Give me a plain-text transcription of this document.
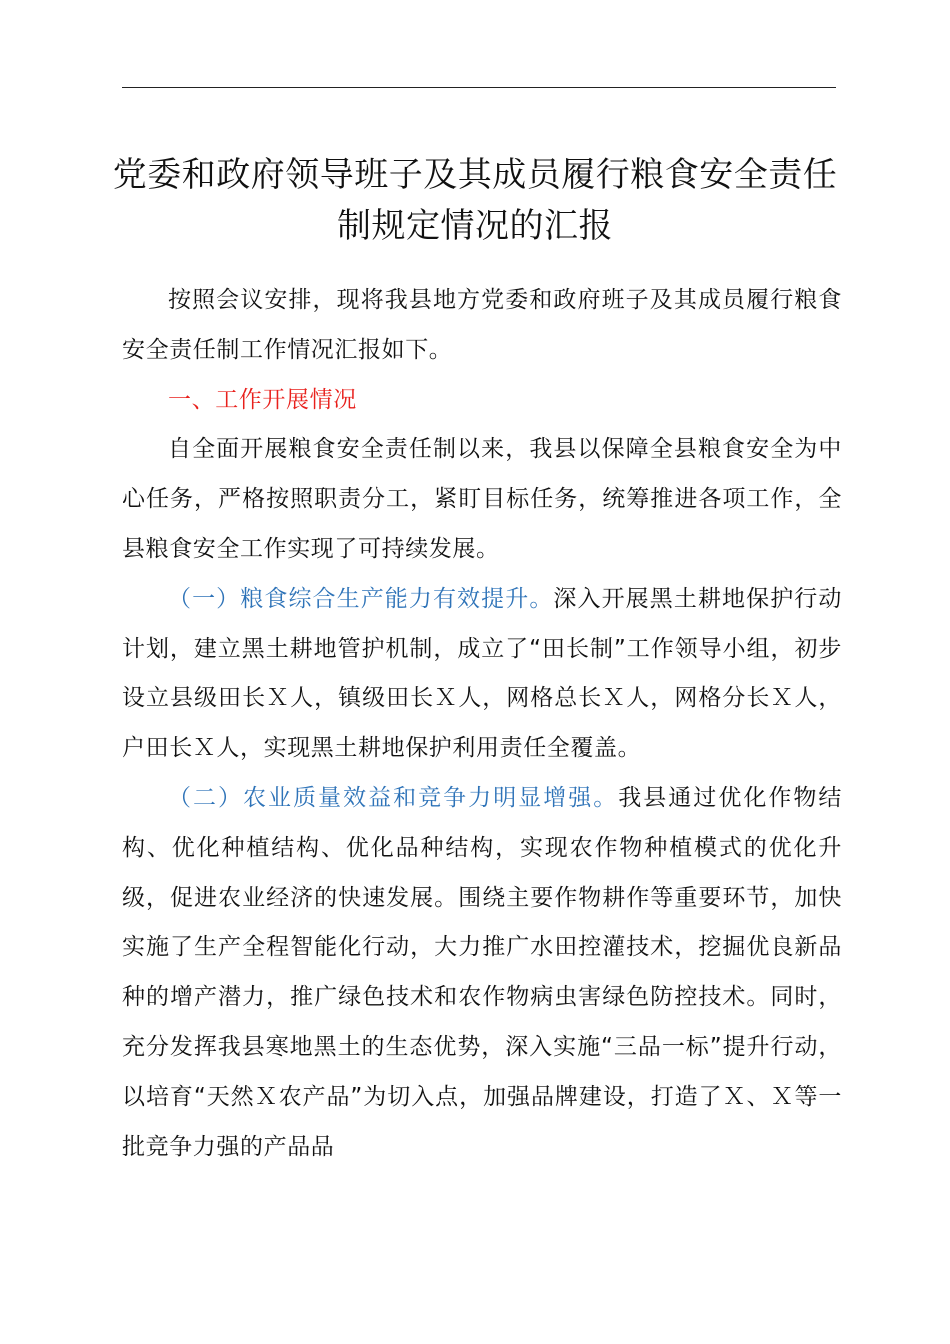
党委和政府领导班子及其成员履行粮食安全责任制规定情况的汇报

按照会议安排，现将我县地方党委和政府班子及其成员履行粮食安全责任制工作情况汇报如下。

一、工作开展情况

自全面开展粮食安全责任制以来，我县以保障全县粮食安全为中心任务，严格按照职责分工，紧盯目标任务，统筹推进各项工作，全县粮食安全工作实现了可持续发展。

（一）粮食综合生产能力有效提升。深入开展黑土耕地保护行动计划，建立黑土耕地管护机制，成立了“田长制”工作领导小组，初步设立县级田长Ｘ人，镇级田长Ｘ人，网格总长Ｘ人，网格分长Ｘ人，户田长Ｘ人，实现黑土耕地保护利用责任全覆盖。

（二）农业质量效益和竞争力明显增强。我县通过优化作物结构、优化种植结构、优化品种结构，实现农作物种植模式的优化升级，促进农业经济的快速发展。围绕主要作物耕作等重要环节，加快实施了生产全程智能化行动，大力推广水田控灌技术，挖掘优良新品种的增产潜力，推广绿色技术和农作物病虫害绿色防控技术。同时，充分发挥我县寒地黑土的生态优势，深入实施“三品一标”提升行动，以培育“天然Ｘ农产品”为切入点，加强品牌建设，打造了Ｘ、Ｘ等一批竞争力强的产品品
